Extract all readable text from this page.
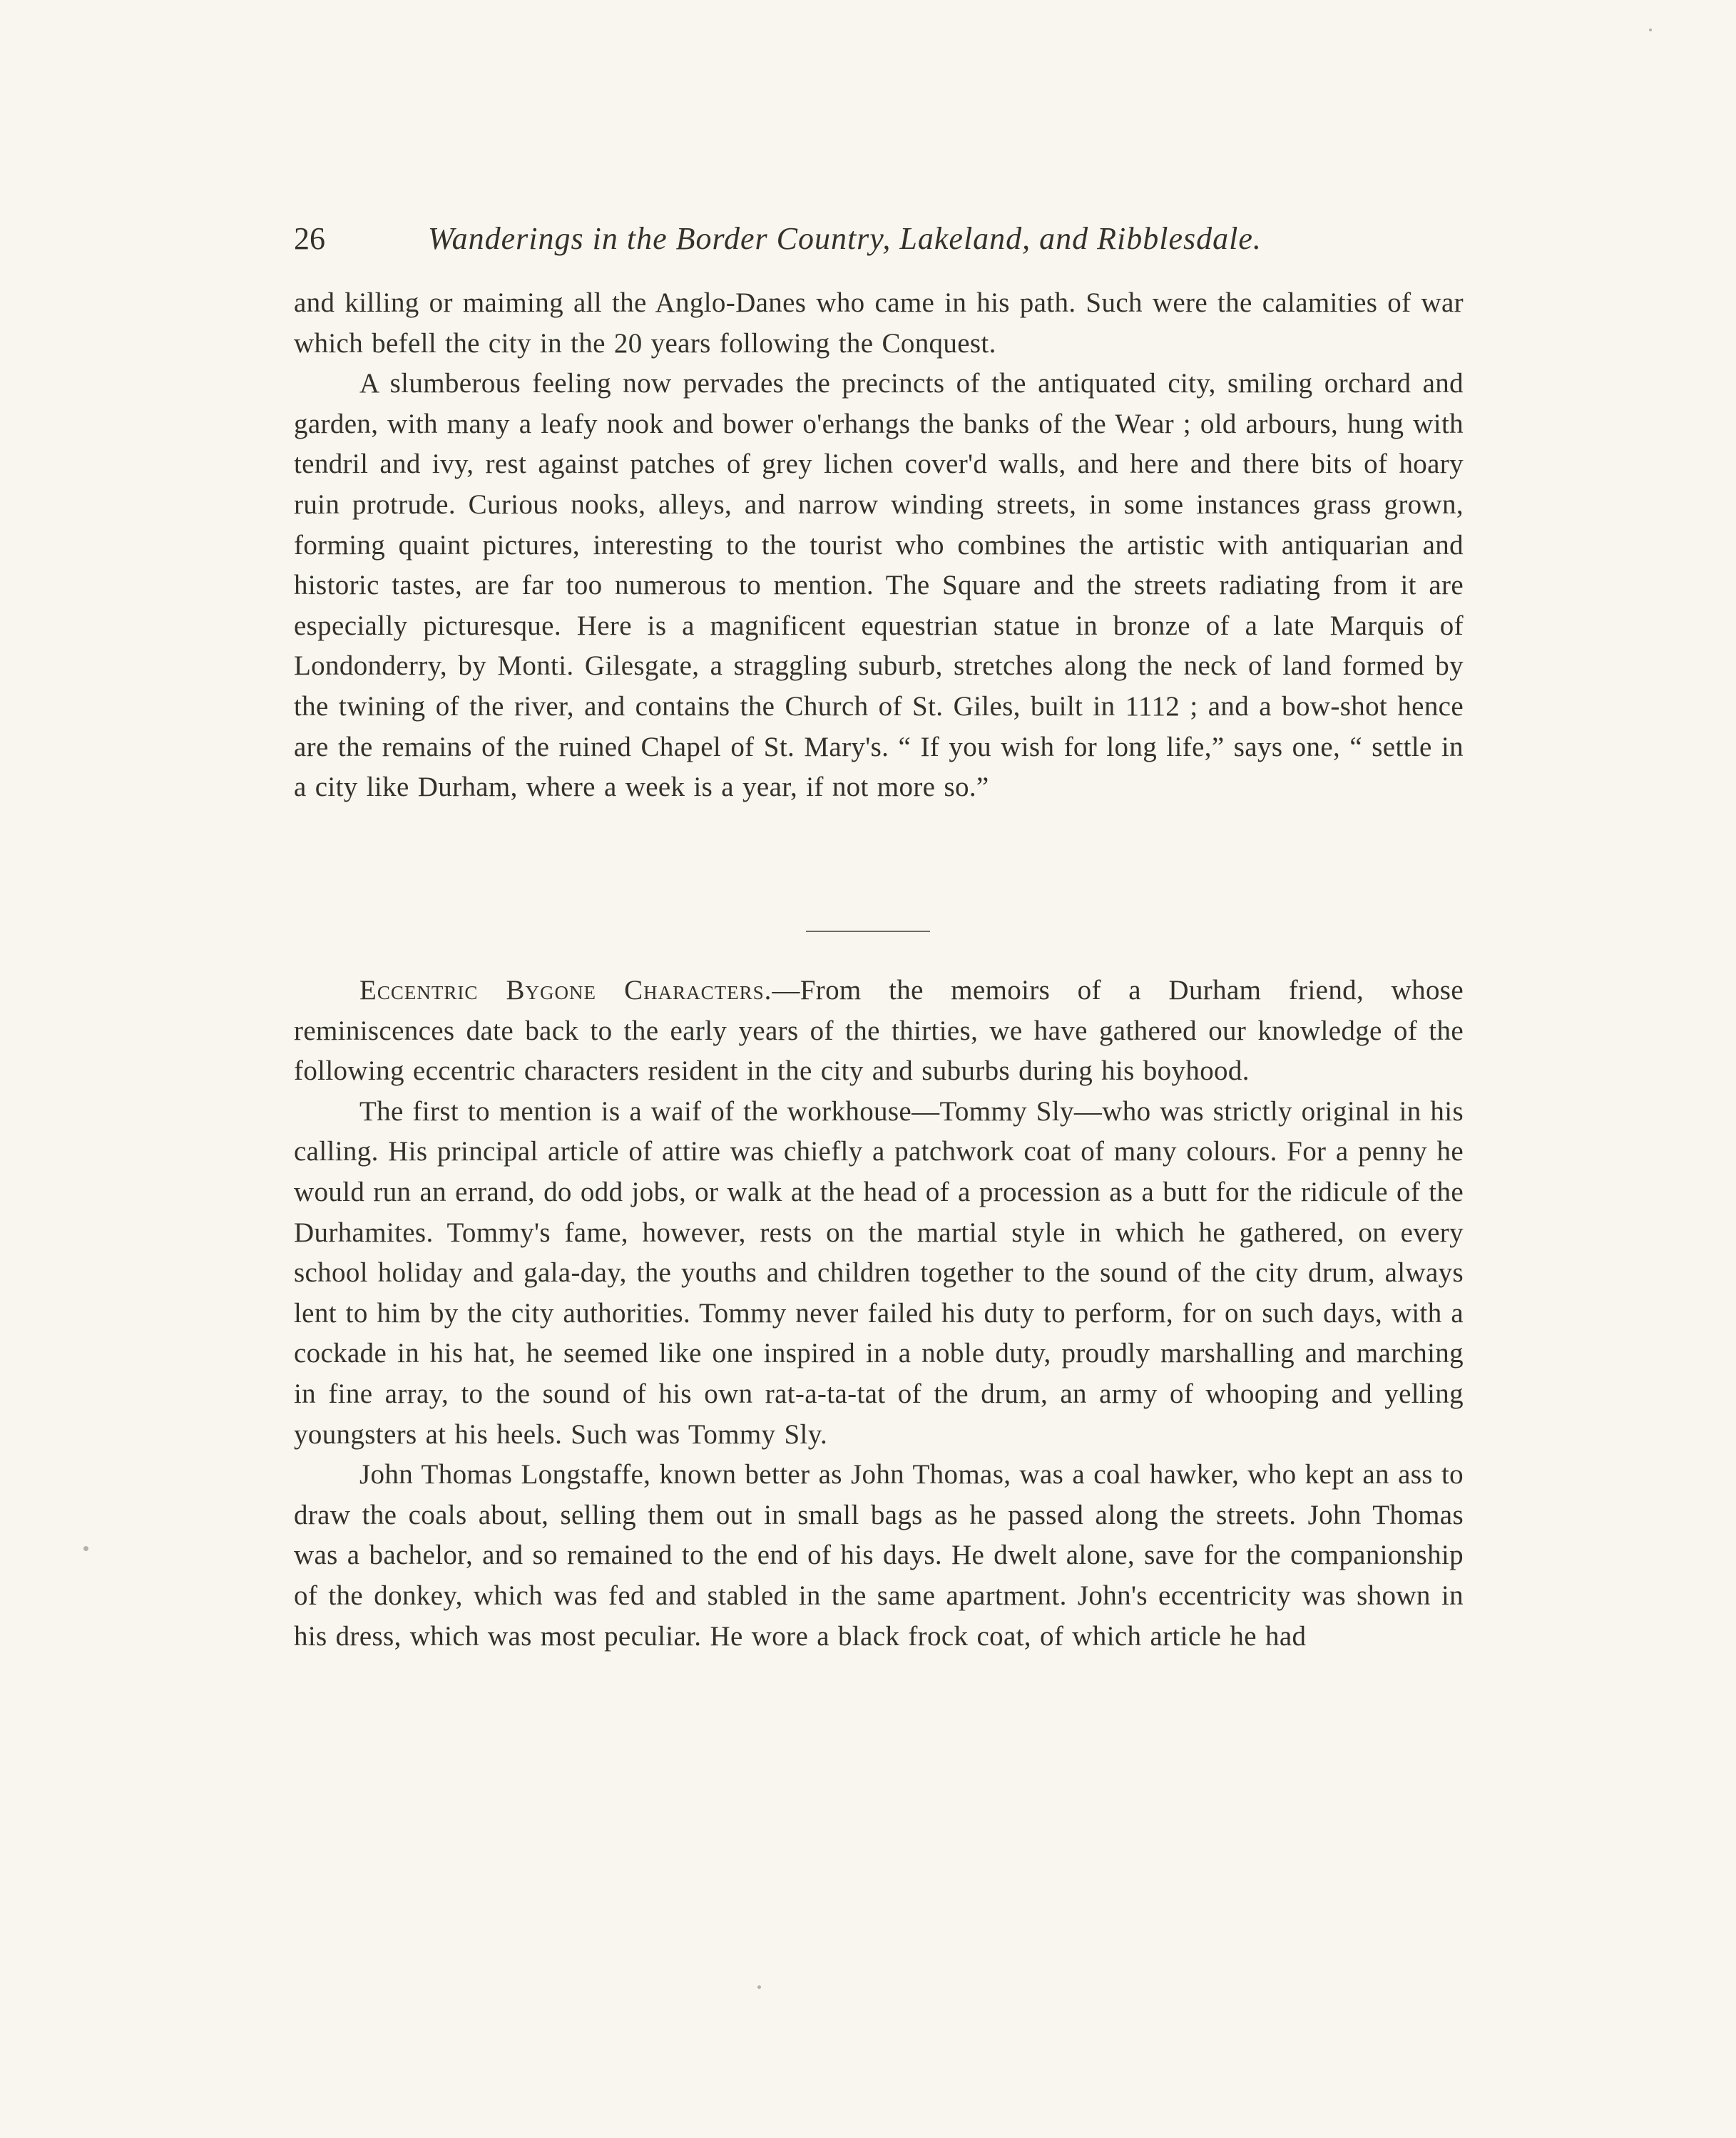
26	Wanderings in the Border Country, Lakeland, and Ribblesdale.

and killing or maiming all the Anglo-Danes who came in his path. Such were the calamities of war which befell the city in the 20 years following the Conquest.

A slumberous feeling now pervades the precincts of the antiquated city, smiling orchard and garden, with many a leafy nook and bower o'erhangs the banks of the Wear ; old arbours, hung with tendril and ivy, rest against patches of grey lichen cover'd walls, and here and there bits of hoary ruin protrude. Curious nooks, alleys, and narrow winding streets, in some instances grass grown, forming quaint pictures, interesting to the tourist who combines the artistic with antiquarian and historic tastes, are far too numerous to mention. The Square and the streets radiating from it are especially picturesque. Here is a magnificent equestrian statue in bronze of a late Marquis of Londonderry, by Monti. Gilesgate, a straggling suburb, stretches along the neck of land formed by the twining of the river, and contains the Church of St. Giles, built in 1112 ; and a bow-shot hence are the remains of the ruined Chapel of St. Mary's. “ If you wish for long life,” says one, “ settle in a city like Durham, where a week is a year, if not more so.”

Eccentric Bygone Characters.—From the memoirs of a Durham friend, whose reminiscences date back to the early years of the thirties, we have gathered our knowledge of the following eccentric characters resident in the city and suburbs during his boyhood.

The first to mention is a waif of the workhouse—Tommy Sly—who was strictly original in his calling. His principal article of attire was chiefly a patchwork coat of many colours. For a penny he would run an errand, do odd jobs, or walk at the head of a procession as a butt for the ridicule of the Durhamites. Tommy's fame, however, rests on the martial style in which he gathered, on every school holiday and gala-day, the youths and children together to the sound of the city drum, always lent to him by the city authorities. Tommy never failed his duty to perform, for on such days, with a cockade in his hat, he seemed like one inspired in a noble duty, proudly marshalling and marching in fine array, to the sound of his own rat-a-ta-tat of the drum, an army of whooping and yelling youngsters at his heels. Such was Tommy Sly.

John Thomas Longstaffe, known better as John Thomas, was a coal hawker, who kept an ass to draw the coals about, selling them out in small bags as he passed along the streets. John Thomas was a bachelor, and so remained to the end of his days. He dwelt alone, save for the companionship of the donkey, which was fed and stabled in the same apartment. John's eccentricity was shown in his dress, which was most peculiar. He wore a black frock coat, of which article he had
